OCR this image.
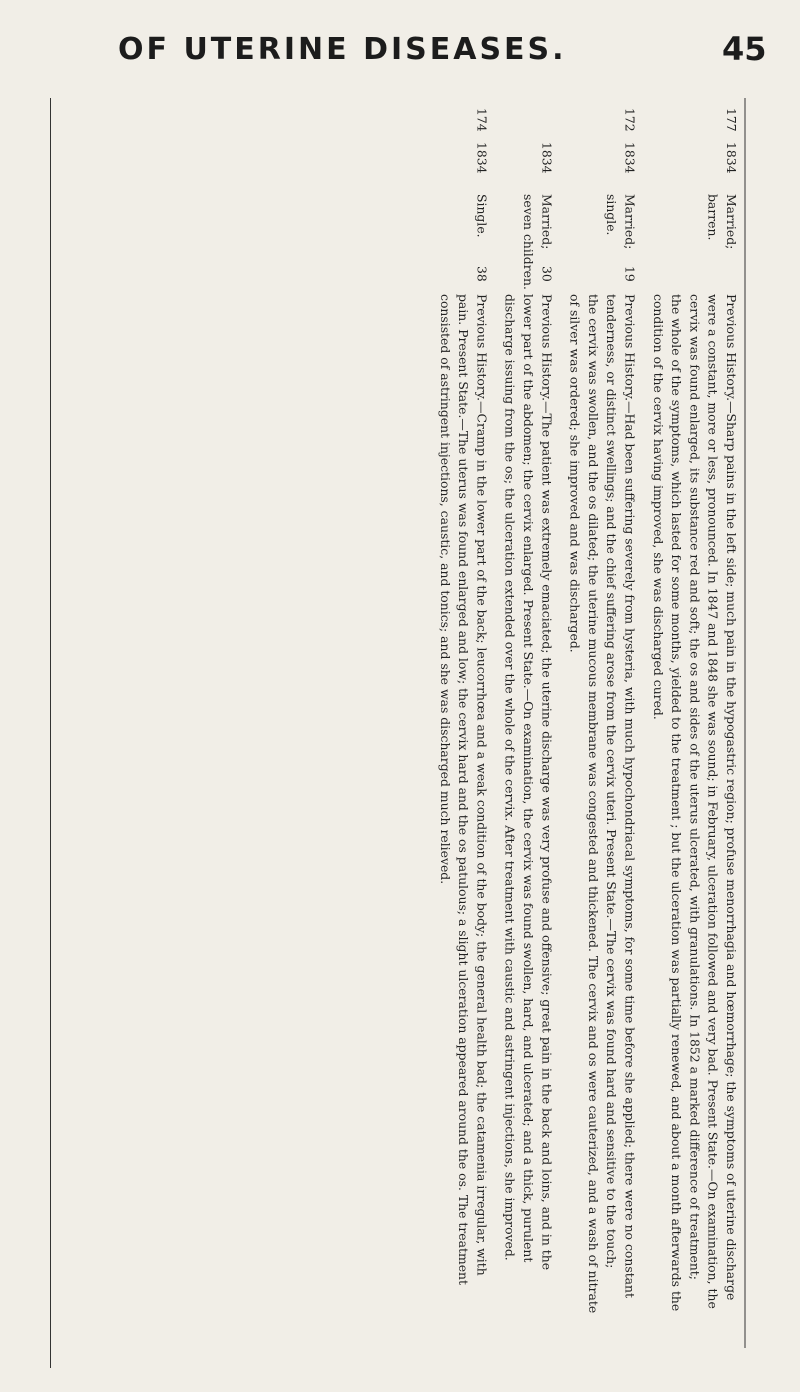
OF UTERINE DISEASES.	45
177
1834
Married;
barren.
Previous History.—Sharp pains in the left side; much pain in the hypogastric region; profuse menorrhagia and hœmorrhage; the symptoms of uterine discharge
were a constant, more or less, pronounced. In 1847 and 1848 she was sound; in February, ulceration followed and very bad. Present State.—On examination, the
cervix was found enlarged, its substance red and soft; the os and sides of the uterus ulcerated, with granulations. In 1852 a marked difference of treatment;
the whole of the symptoms, which lasted for some months, yielded to the treatment ; but the ulceration was partially renewed, and about a month afterwards the
condition of the cervix having improved, she was discharged cured.
172
1834
Married;
single.
19
Previous History.—Had been suffering severely from hysteria, with much hypochondriacal symptoms, for some time before she applied; there were no constant
tenderness, or distinct swellings; and the chief suffering arose from the cervix uteri. Present State.—The cervix was found hard and sensitive to the touch;
the cervix was swollen, and the os dilated; the uterine mucous membrane was congested and thickened. The cervix and os were cauterized, and a wash of nitrate
of silver was ordered; she improved and was discharged.
1834
Married;
seven children. 30
Previous History.—The patient was extremely emaciated; the uterine discharge was very profuse and offensive; great pain in the back and loins, and in the
lower part of the abdomen; the cervix enlarged. Present State.—On examination, the cervix was found swollen, hard, and ulcerated; and a thick, purulent
discharge issuing from the os; the ulceration extended over the whole of the cervix. After treatment with caustic and astringent injections, she improved.
174
1834
Single.
38
Previous History.—Cramp in the lower part of the back; leucorrhœa and a weak condition of the body; the general health bad; the catamenia irregular, with
pain. Present State.—The uterus was found enlarged and low; the cervix hard and the os patulous; a slight ulceration appeared around the os. The treatment
consisted of astringent injections, caustic, and tonics; and she was discharged much relieved.
